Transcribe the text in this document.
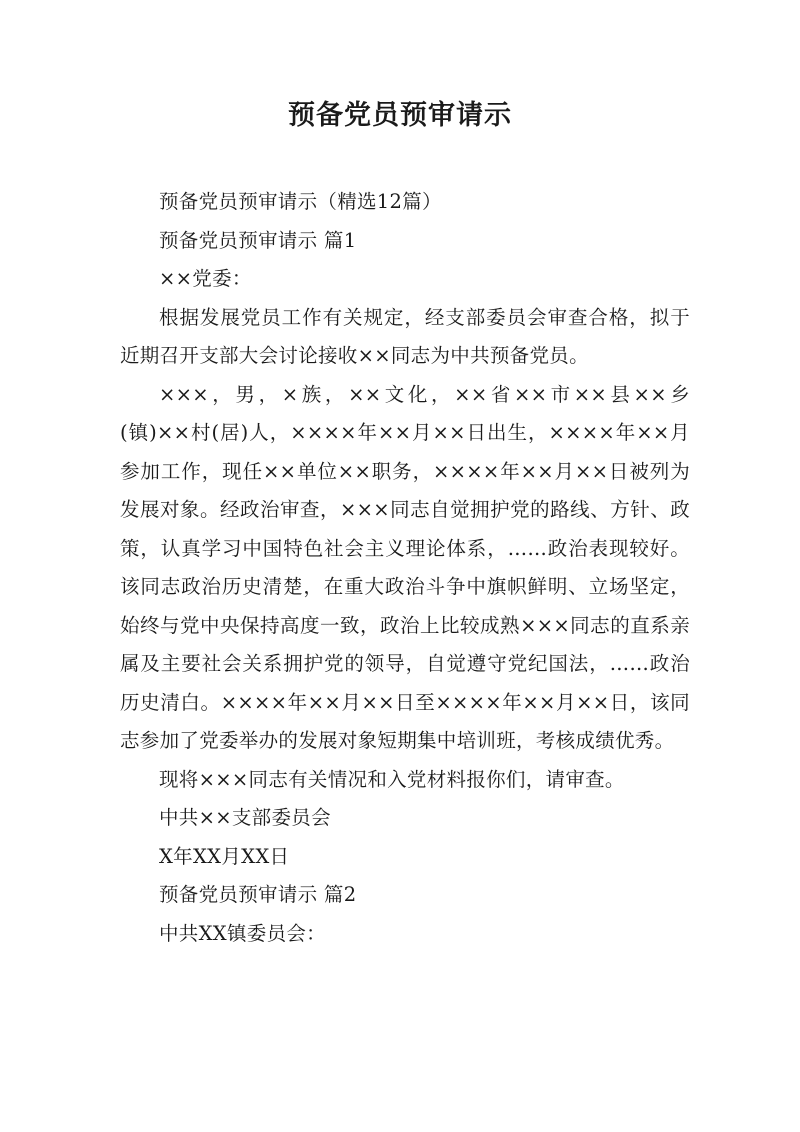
预备党员预审请示

预备党员预审请示（精选12篇）

预备党员预审请示 篇1

××党委：

根据发展党员工作有关规定，经支部委员会审查合格，拟于近期召开支部大会讨论接收××同志为中共预备党员。

×××，男，×族，××文化，××省××市××县××乡(镇)××村(居)人，××××年××月××日出生，××××年××月参加工作，现任××单位××职务，××××年××月××日被列为发展对象。经政治审查，×××同志自觉拥护党的路线、方针、政策，认真学习中国特色社会主义理论体系，……政治表现较好。该同志政治历史清楚，在重大政治斗争中旗帜鲜明、立场坚定，始终与党中央保持高度一致，政治上比较成熟×××同志的直系亲属及主要社会关系拥护党的领导，自觉遵守党纪国法，……政治历史清白。××××年××月××日至××××年××月××日，该同志参加了党委举办的发展对象短期集中培训班，考核成绩优秀。

现将×××同志有关情况和入党材料报你们，请审查。

中共××支部委员会

X年XX月XX日

预备党员预审请示 篇2

中共XX镇委员会：
